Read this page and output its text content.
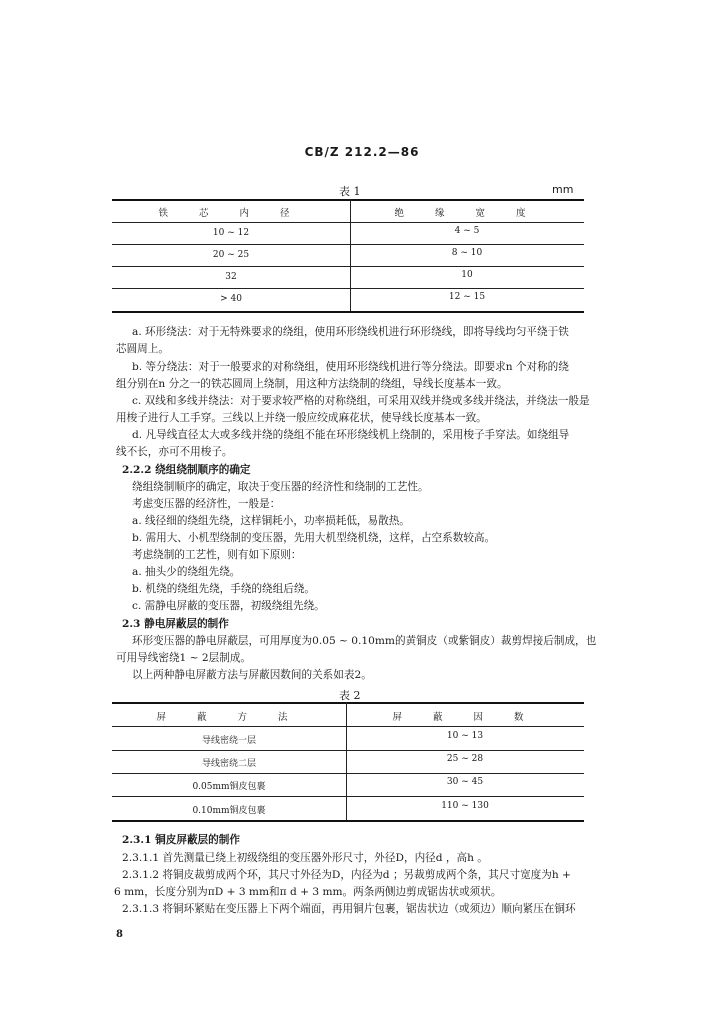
CB/Z 212.2—86
表 1	mm
铁 芯 内 径	绝 缘 宽 度
10 ~ 12	4 ~ 5
20 ~ 25	8 ~ 10
32	10
> 40	12 ~ 15
a. 环形绕法：对于无特殊要求的绕组，使用环形绕线机进行环形绕线，即将导线均匀平绕于铁
芯圆周上。
b. 等分绕法：对于一般要求的对称绕组，使用环形绕线机进行等分绕法。即要求n 个对称的绕
组分别在n 分之一的铁芯圆周上绕制，用这种方法绕制的绕组，导线长度基本一致。
c. 双线和多线并绕法：对于要求较严格的对称绕组，可采用双线并绕或多线并绕法，并绕法一般是
用梭子进行人工手穿。三线以上并绕一般应绞成麻花状，使导线长度基本一致。
d. 凡导线直径太大或多线并绕的绕组不能在环形绕线机上绕制的，采用梭子手穿法。如绕组导
线不长，亦可不用梭子。
2.2.2 绕组绕制顺序的确定
绕组绕制顺序的确定，取决于变压器的经济性和绕制的工艺性。
考虑变压器的经济性，一般是：
a. 线径细的绕组先绕，这样铜耗小，功率损耗低，易散热。
b. 需用大、小机型绕制的变压器，先用大机型绕机绕，这样，占空系数较高。
考虑绕制的工艺性，则有如下原则：
a. 抽头少的绕组先绕。
b. 机绕的绕组先绕，手绕的绕组后绕。
c. 需静电屏蔽的变压器，初级绕组先绕。
2.3 静电屏蔽层的制作
环形变压器的静电屏蔽层，可用厚度为0.05 ~ 0.10mm的黄铜皮（或紫铜皮）裁剪焊接后制成，也
可用导线密绕1 ~ 2层制成。
以上两种静电屏蔽方法与屏蔽因数间的关系如表2。
表 2
屏 蔽 方 法	屏 蔽 因 数
导线密绕一层	10 ~ 13
导线密绕二层	25 ~ 28
0.05mm铜皮包裹	30 ~ 45
0.10mm铜皮包裹	110 ~ 130
2.3.1 铜皮屏蔽层的制作
2.3.1.1 首先测量已绕上初级绕组的变压器外形尺寸，外径D，内径d ，高h 。
2.3.1.2 将铜皮裁剪成两个环，其尺寸外径为D，内径为d ；另裁剪成两个条，其尺寸宽度为h +
6 mm，长度分别为πD + 3 mm和π d + 3 mm。两条两侧边剪成锯齿状或须状。
2.3.1.3 将铜环紧贴在变压器上下两个端面，再用铜片包裹，锯齿状边（或须边）顺向紧压在铜环
8
